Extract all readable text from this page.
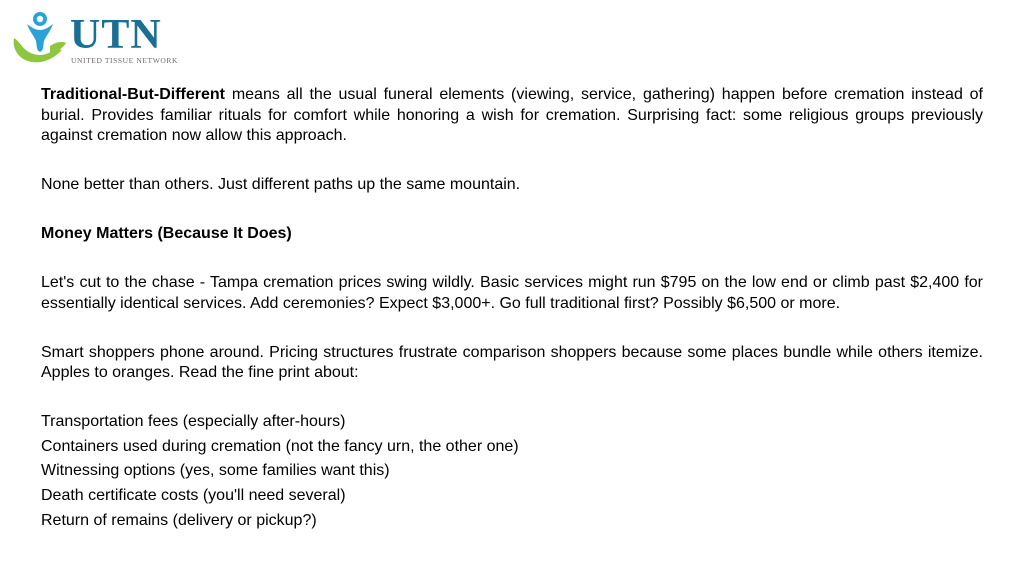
UTN
UNITED TISSUE NETWORK

Traditional-But-Different means all the usual funeral elements (viewing, service, gathering) happen before cremation instead of burial. Provides familiar rituals for comfort while honoring a wish for cremation. Surprising fact: some religious groups previously against cremation now allow this approach.

None better than others. Just different paths up the same mountain.

Money Matters (Because It Does)

Let's cut to the chase - Tampa cremation prices swing wildly. Basic services might run $795 on the low end or climb past $2,400 for essentially identical services. Add ceremonies? Expect $3,000+. Go full traditional first? Possibly $6,500 or more.

Smart shoppers phone around. Pricing structures frustrate comparison shoppers because some places bundle while others itemize. Apples to oranges. Read the fine print about:

Transportation fees (especially after-hours)
Containers used during cremation (not the fancy urn, the other one)
Witnessing options (yes, some families want this)
Death certificate costs (you'll need several)
Return of remains (delivery or pickup?)
